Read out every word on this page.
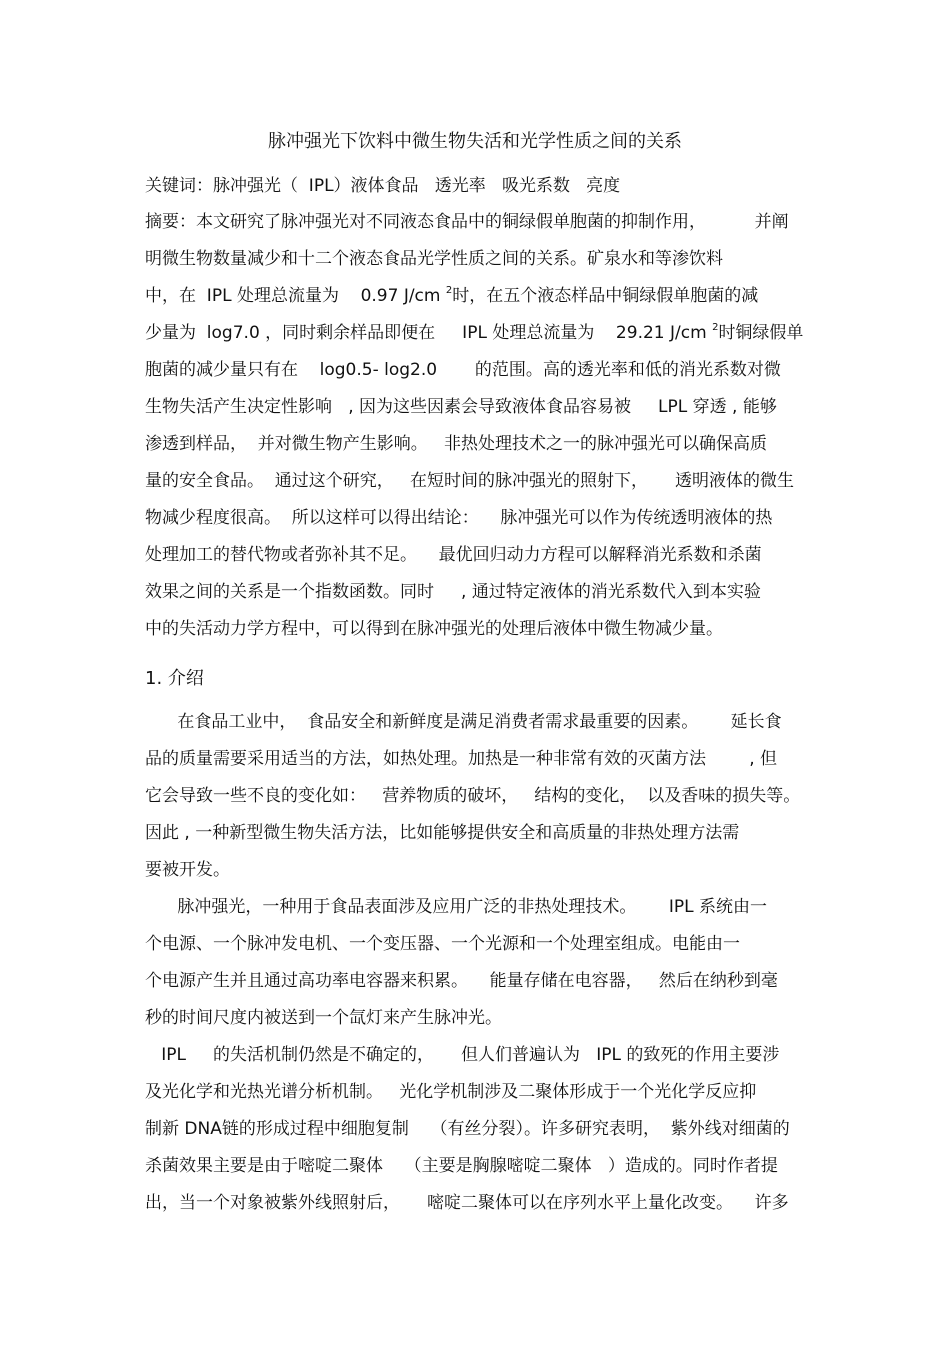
脉冲强光下饮料中微生物失活和光学性质之间的关系

关键词：脉冲强光（  IPL）液体食品   透光率   吸光系数   亮度

摘要：本文研究了脉冲强光对不同液态食品中的铜绿假单胞菌的抑制作用，         并阐

明微生物数量减少和十二个液态食品光学性质之间的关系。矿泉水和等渗饮料

中，在  IPL 处理总流量为    0.97 J/cm $^2$时，在五个液态样品中铜绿假单胞菌的减

少量为  log7.0 ，同时剩余样品即便在     IPL 处理总流量为    29.21 J/cm $^2$时铜绿假单

胞菌的减少量只有在    log0.5- log2.0       的范围。高的透光率和低的消光系数对微

生物失活产生决定性影响   , 因为这些因素会导致液体食品容易被     LPL 穿透 , 能够

渗透到样品，  并对微生物产生影响。   非热处理技术之一的脉冲强光可以确保高质

量的安全食品。  通过这个研究，   在短时间的脉冲强光的照射下，     透明液体的微生

物减少程度很高。  所以这样可以得出结论：    脉冲强光可以作为传统透明液体的热

处理加工的替代物或者弥补其不足。    最优回归动力方程可以解释消光系数和杀菌

效果之间的关系是一个指数函数。同时     , 通过特定液体的消光系数代入到本实验

中的失活动力学方程中，可以得到在脉冲强光的处理后液体中微生物减少量。

1. 介绍

在食品工业中，  食品安全和新鲜度是满足消费者需求最重要的因素。      延长食

品的质量需要采用适当的方法，如热处理。加热是一种非常有效的灭菌方法        , 但

它会导致一些不良的变化如：   营养物质的破坏，   结构的变化，  以及香味的损失等。

因此 , 一种新型微生物失活方法，比如能够提供安全和高质量的非热处理方法需

要被开发。

脉冲强光，一种用于食品表面涉及应用广泛的非热处理技术。      IPL 系统由一

个电源、一个脉冲发电机、一个变压器、一个光源和一个处理室组成。电能由一

个电源产生并且通过高功率电容器来积累。    能量存储在电容器，   然后在纳秒到毫

秒的时间尺度内被送到一个氙灯来产生脉冲光。

IPL     的失活机制仍然是不确定的，     但人们普遍认为   IPL 的致死的作用主要涉

及光化学和光热光谱分析机制。   光化学机制涉及二聚体形成于一个光化学反应抑

制新 DNA链的形成过程中细胞复制    （有丝分裂）。许多研究表明，  紫外线对细菌的

杀菌效果主要是由于嘧啶二聚体    （主要是胸腺嘧啶二聚体   ）造成的。同时作者提

出，当一个对象被紫外线照射后，     嘧啶二聚体可以在序列水平上量化改变。    许多
